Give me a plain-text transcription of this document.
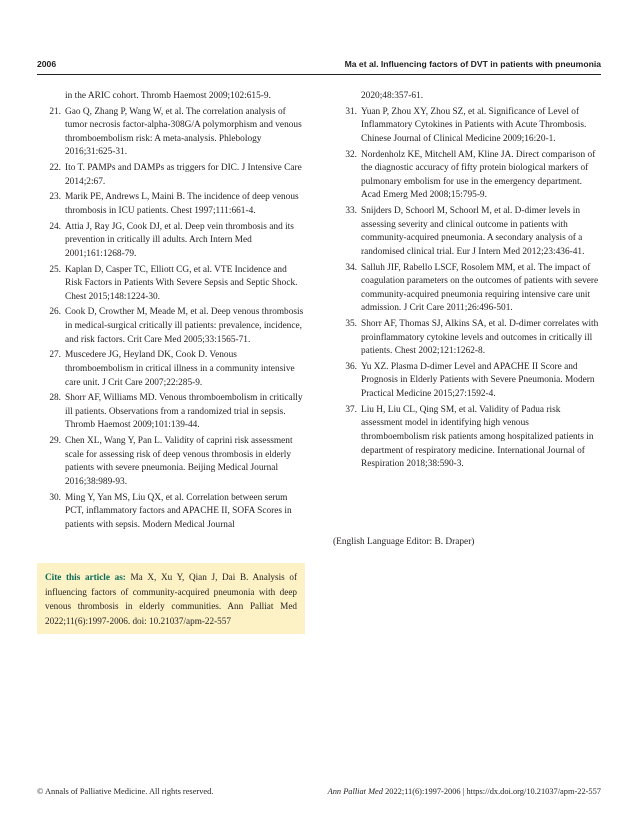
2006	Ma et al. Influencing factors of DVT in patients with pneumonia
in the ARIC cohort. Thromb Haemost 2009;102:615-9.
21. Gao Q, Zhang P, Wang W, et al. The correlation analysis of tumor necrosis factor-alpha-308G/A polymorphism and venous thromboembolism risk: A meta-analysis. Phlebology 2016;31:625-31.
22. Ito T. PAMPs and DAMPs as triggers for DIC. J Intensive Care 2014;2:67.
23. Marik PE, Andrews L, Maini B. The incidence of deep venous thrombosis in ICU patients. Chest 1997;111:661-4.
24. Attia J, Ray JG, Cook DJ, et al. Deep vein thrombosis and its prevention in critically ill adults. Arch Intern Med 2001;161:1268-79.
25. Kaplan D, Casper TC, Elliott CG, et al. VTE Incidence and Risk Factors in Patients With Severe Sepsis and Septic Shock. Chest 2015;148:1224-30.
26. Cook D, Crowther M, Meade M, et al. Deep venous thrombosis in medical-surgical critically ill patients: prevalence, incidence, and risk factors. Crit Care Med 2005;33:1565-71.
27. Muscedere JG, Heyland DK, Cook D. Venous thromboembolism in critical illness in a community intensive care unit. J Crit Care 2007;22:285-9.
28. Shorr AF, Williams MD. Venous thromboembolism in critically ill patients. Observations from a randomized trial in sepsis. Thromb Haemost 2009;101:139-44.
29. Chen XL, Wang Y, Pan L. Validity of caprini risk assessment scale for assessing risk of deep venous thrombosis in elderly patients with severe pneumonia. Beijing Medical Journal 2016;38:989-93.
30. Ming Y, Yan MS, Liu QX, et al. Correlation between serum PCT, inflammatory factors and APACHE II, SOFA Scores in patients with sepsis. Modern Medical Journal
2020;48:357-61.
31. Yuan P, Zhou XY, Zhou SZ, et al. Significance of Level of Inflammatory Cytokines in Patients with Acute Thrombosis. Chinese Journal of Clinical Medicine 2009;16:20-1.
32. Nordenholz KE, Mitchell AM, Kline JA. Direct comparison of the diagnostic accuracy of fifty protein biological markers of pulmonary embolism for use in the emergency department. Acad Emerg Med 2008;15:795-9.
33. Snijders D, Schoorl M, Schoorl M, et al. D-dimer levels in assessing severity and clinical outcome in patients with community-acquired pneumonia. A secondary analysis of a randomised clinical trial. Eur J Intern Med 2012;23:436-41.
34. Salluh JIF, Rabello LSCF, Rosolem MM, et al. The impact of coagulation parameters on the outcomes of patients with severe community-acquired pneumonia requiring intensive care unit admission. J Crit Care 2011;26:496-501.
35. Shorr AF, Thomas SJ, Alkins SA, et al. D-dimer correlates with proinflammatory cytokine levels and outcomes in critically ill patients. Chest 2002;121:1262-8.
36. Yu XZ. Plasma D-dimer Level and APACHE II Score and Prognosis in Elderly Patients with Severe Pneumonia. Modern Practical Medicine 2015;27:1592-4.
37. Liu H, Liu CL, Qing SM, et al. Validity of Padua risk assessment model in identifying high venous thromboembolism risk patients among hospitalized patients in department of respiratory medicine. International Journal of Respiration 2018;38:590-3.
(English Language Editor: B. Draper)
Cite this article as: Ma X, Xu Y, Qian J, Dai B. Analysis of influencing factors of community-acquired pneumonia with deep venous thrombosis in elderly communities. Ann Palliat Med 2022;11(6):1997-2006. doi: 10.21037/apm-22-557
© Annals of Palliative Medicine. All rights reserved.	Ann Palliat Med 2022;11(6):1997-2006 | https://dx.doi.org/10.21037/apm-22-557
